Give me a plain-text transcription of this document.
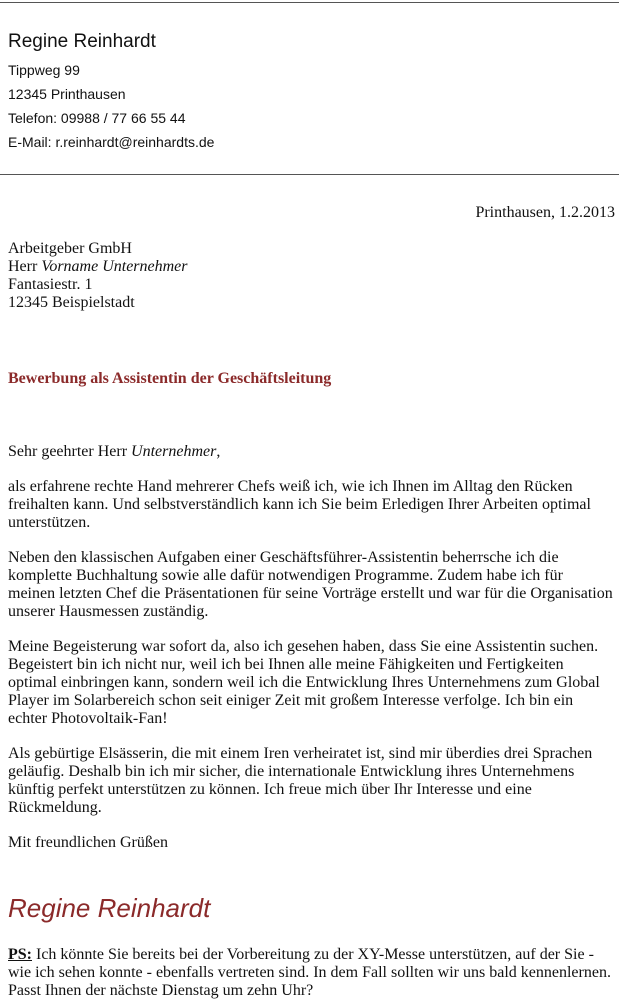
Regine Reinhardt
Tippweg 99
12345 Printhausen
Telefon: 09988 / 77 66 55 44
E-Mail: r.reinhardt@reinhardts.de
Printhausen, 1.2.2013
Arbeitgeber GmbH
Herr Vorname Unternehmer
Fantasiestr. 1
12345 Beispielstadt
Bewerbung als Assistentin der Geschäftsleitung

Sehr geehrter Herr Unternehmer,

als erfahrene rechte Hand mehrerer Chefs weiß ich, wie ich Ihnen im Alltag den Rücken freihalten kann. Und selbstverständlich kann ich Sie beim Erledigen Ihrer Arbeiten optimal unterstützen.

Neben den klassischen Aufgaben einer Geschäftsführer-Assistentin beherrsche ich die komplette Buchhaltung sowie alle dafür notwendigen Programme. Zudem habe ich für meinen letzten Chef die Präsentationen für seine Vorträge erstellt und war für die Organisation unserer Hausmessen zuständig.

Meine Begeisterung war sofort da, also ich gesehen haben, dass Sie eine Assistentin suchen. Begeistert bin ich nicht nur, weil ich bei Ihnen alle meine Fähigkeiten und Fertigkeiten optimal einbringen kann, sondern weil ich die Entwicklung Ihres Unternehmens zum Global Player im Solarbereich schon seit einiger Zeit mit großem Interesse verfolge. Ich bin ein echter Photovoltaik-Fan!

Als gebürtige Elsässerin, die mit einem Iren verheiratet ist, sind mir überdies drei Sprachen geläufig. Deshalb bin ich mir sicher, die internationale Entwicklung ihres Unternehmens künftig perfekt unterstützen zu können. Ich freue mich über Ihr Interesse und eine Rückmeldung.

Mit freundlichen Grüßen

Regine Reinhardt
PS: Ich könnte Sie bereits bei der Vorbereitung zu der XY-Messe unterstützen, auf der Sie - wie ich sehen konnte - ebenfalls vertreten sind. In dem Fall sollten wir uns bald kennenlernen. Passt Ihnen der nächste Dienstag um zehn Uhr?
